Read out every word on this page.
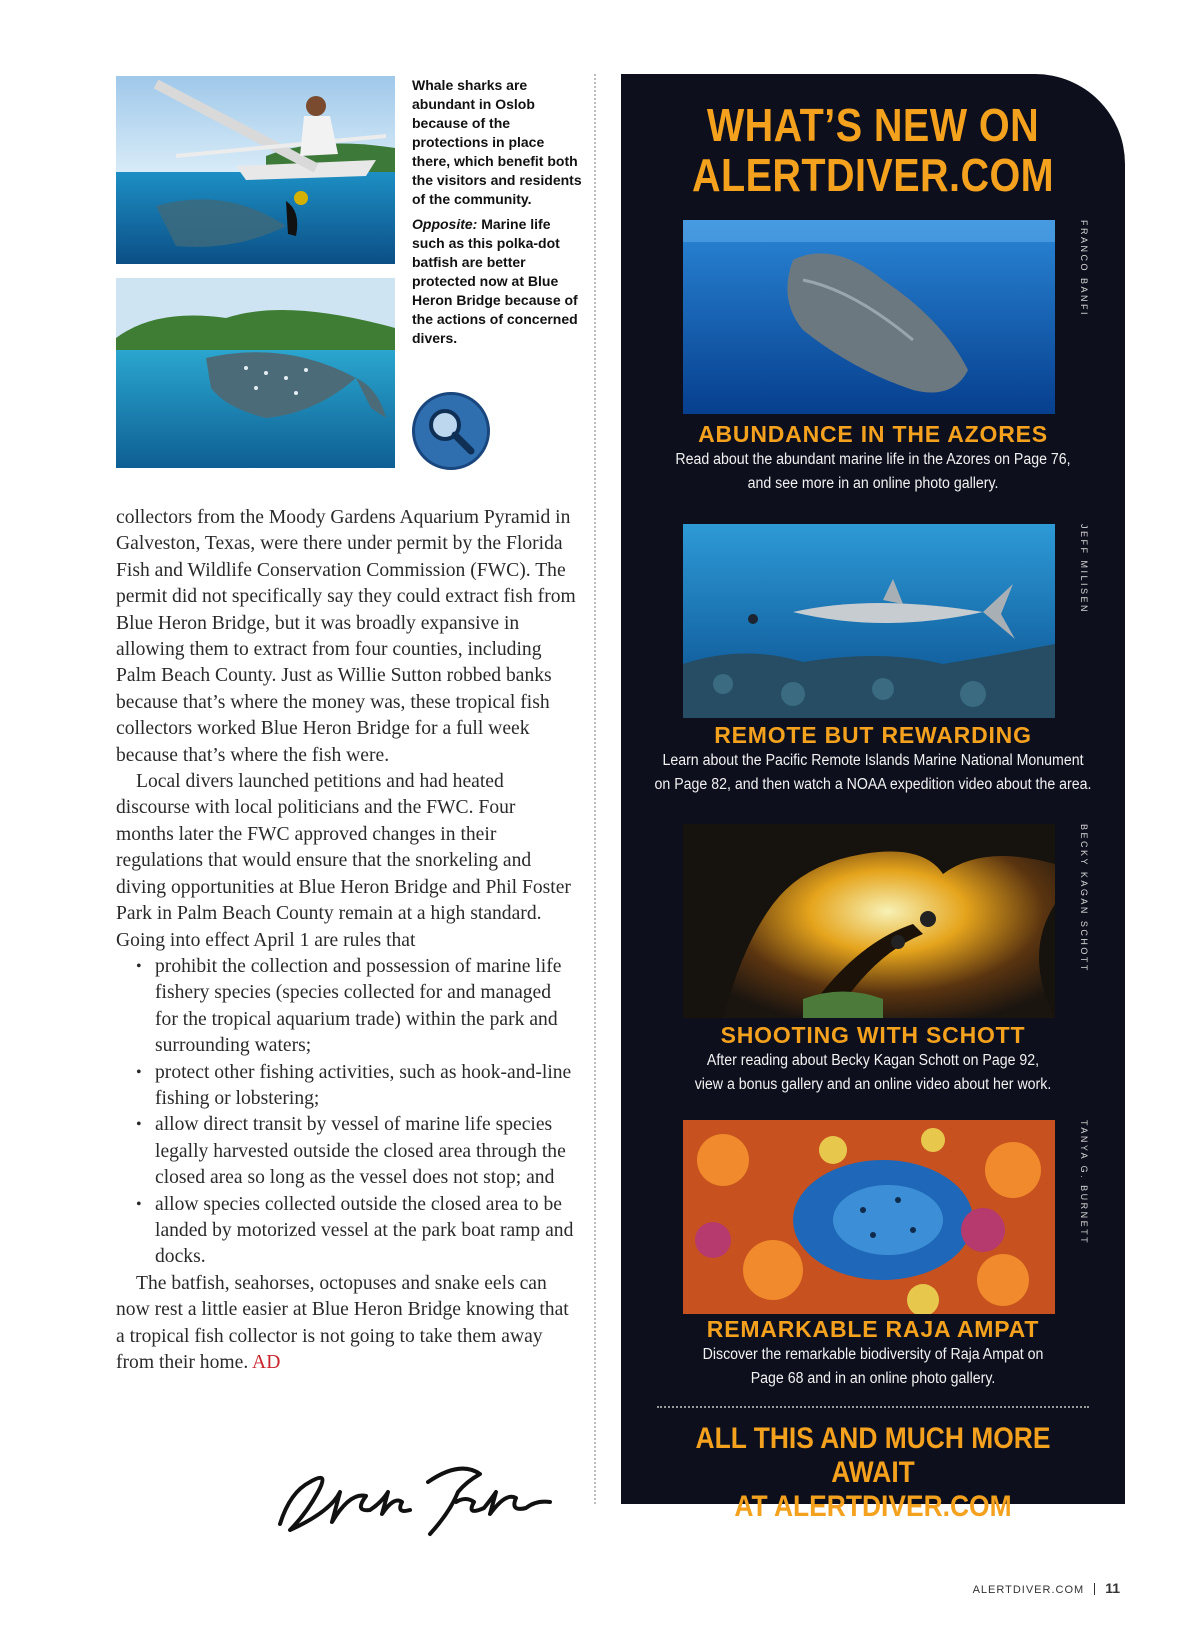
Whale sharks are abundant in Oslob because of the protections in place there, which benefit both the visitors and residents of the community.

Opposite: Marine life such as this polka-dot batfish are better protected now at Blue Heron Bridge because of the actions of concerned divers.

collectors from the Moody Gardens Aquarium Pyramid in Galveston, Texas, were there under permit by the Florida Fish and Wildlife Conservation Commission (FWC). The permit did not specifically say they could extract fish from Blue Heron Bridge, but it was broadly expansive in allowing them to extract from four counties, including Palm Beach County. Just as Willie Sutton robbed banks because that’s where the money was, these tropical fish collectors worked Blue Heron Bridge for a full week because that’s where the fish were.

Local divers launched petitions and had heated discourse with local politicians and the FWC. Four months later the FWC approved changes in their regulations that would ensure that the snorkeling and diving opportunities at Blue Heron Bridge and Phil Foster Park in Palm Beach County remain at a high standard. Going into effect April 1 are rules that

• prohibit the collection and possession of marine life fishery species (species collected for and managed for the tropical aquarium trade) within the park and surrounding waters;
• protect other fishing activities, such as hook-and-line fishing or lobstering;
• allow direct transit by vessel of marine life species legally harvested outside the closed area through the closed area so long as the vessel does not stop; and
• allow species collected outside the closed area to be landed by motorized vessel at the park boat ramp and docks.

The batfish, seahorses, octopuses and snake eels can now rest a little easier at Blue Heron Bridge knowing that a tropical fish collector is not going to take them away from their home. AD

WHAT’S NEW ON
ALERTDIVER.COM
FRANCO BANFI
ABUNDANCE IN THE AZORES
Read about the abundant marine life in the Azores on Page 76,
and see more in an online photo gallery.
JEFF MILISEN
REMOTE BUT REWARDING
Learn about the Pacific Remote Islands Marine National Monument
on Page 82, and then watch a NOAA expedition video about the area.
BECKY KAGAN SCHOTT
SHOOTING WITH SCHOTT
After reading about Becky Kagan Schott on Page 92,
view a bonus gallery and an online video about her work.
TANYA G. BURNETT
REMARKABLE RAJA AMPAT
Discover the remarkable biodiversity of Raja Ampat on
Page 68 and in an online photo gallery.
ALL THIS AND MUCH MORE AWAIT
AT ALERTDIVER.COM
ALERTDIVER.COM 11
